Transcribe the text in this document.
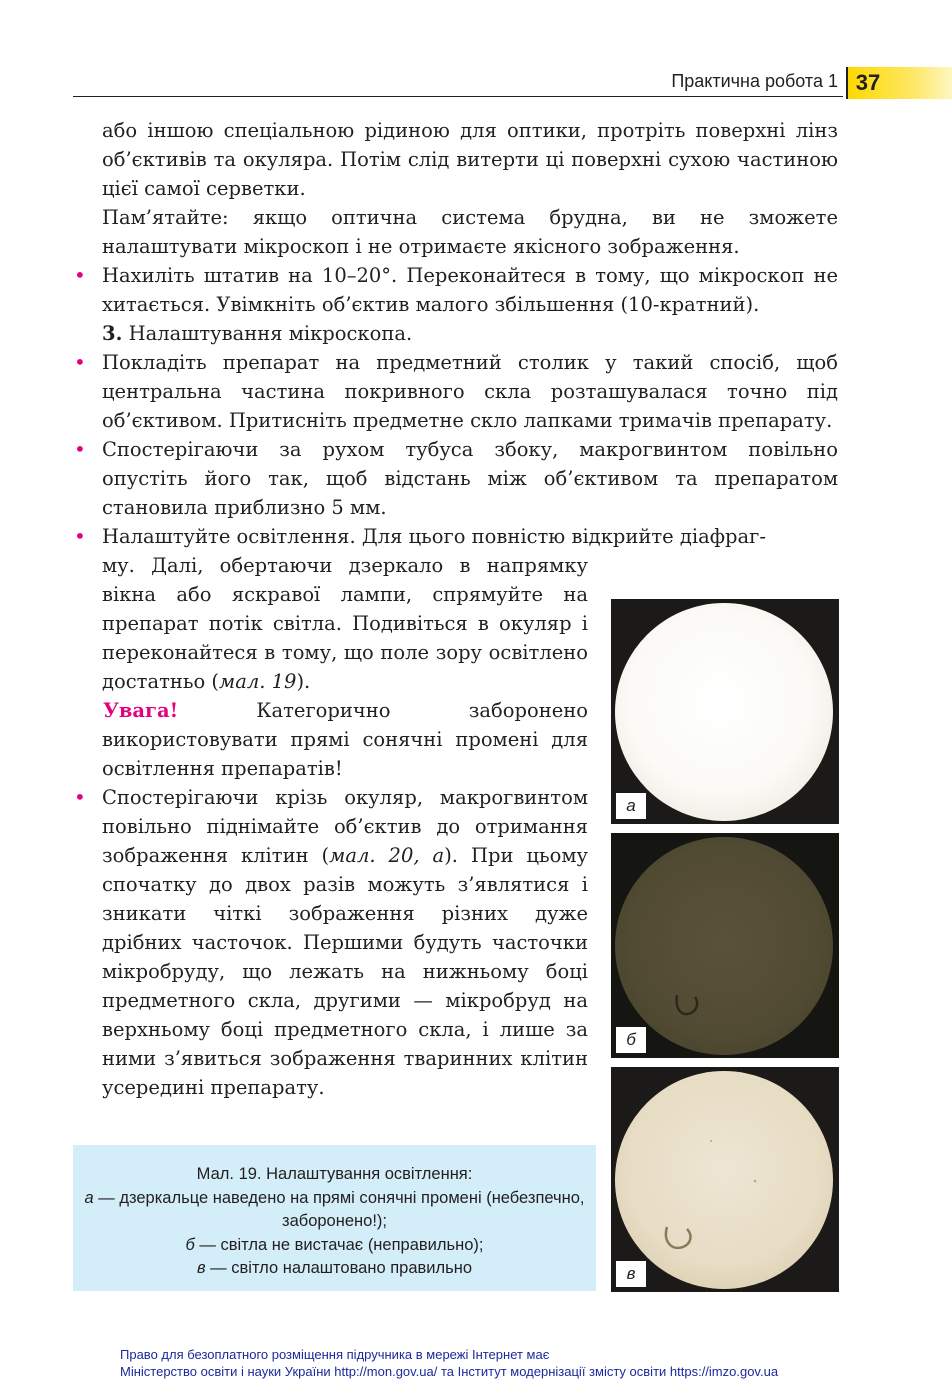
Практична робота 1 37

або іншою спеціальною рідиною для оптики, протріть поверхні лінз об’єктивів та окуляра. Потім слід витерти ці поверхні сухою частиною цієї самої серветки.

Пам’ятайте: якщо оптична система брудна, ви не зможете налаштувати мікроскоп і не отримаєте якісного зображення.

• Нахиліть штатив на 10–20°. Переконайтеся в тому, що мікроскоп не хитається. Увімкніть об’єктив малого збільшення (10-кратний).

3. Налаштування мікроскопа.

• Покладіть препарат на предметний столик у такий спосіб, щоб центральна частина покривного скла розташувалася точно під об’єктивом. Притисніть предметне скло лапками тримачів препарату.

• Спостерігаючи за рухом тубуса збоку, макрогвинтом повільно опустіть його так, щоб відстань між об’єктивом та препаратом становила приблизно 5 мм.

• Налаштуйте освітлення. Для цього повністю відкрийте діафраг-

му. Далі, обертаючи дзеркало в напрямку вікна або яскравої лампи, спрямуйте на препарат потік світла. Подивіться в окуляр і переконайтеся в тому, що поле зору освітлено достатньо (мал. 19).

Увага! Категорично заборонено використовувати прямі сонячні промені для освітлення препаратів!

• Спостерігаючи крізь окуляр, макрогвинтом повільно піднімайте об’єктив до отримання зображення клітин (мал. 20, а). При цьому спочатку до двох разів можуть з’являтися і зникати чіткі зображення різних дуже дрібних часточок. Першими будуть часточки мікробруду, що лежать на нижньому боці предметного скла, другими — мікробруд на верхньому боці предметного скла, і лише за ними з’явиться зображення тваринних клітин усередині препарату.

Мал. 19. Налаштування освітлення:
а — дзеркальце наведено на прямі сонячні промені (небезпечно, заборонено!);
б — світла не вистачає (неправильно);
в — світло налаштовано правильно
а
б
в
Право для безоплатного розміщення підручника в мережі Інтернет має
Міністерство освіти і науки України http://mon.gov.ua/ та Інститут модернізації змісту освіти https://imzo.gov.ua
